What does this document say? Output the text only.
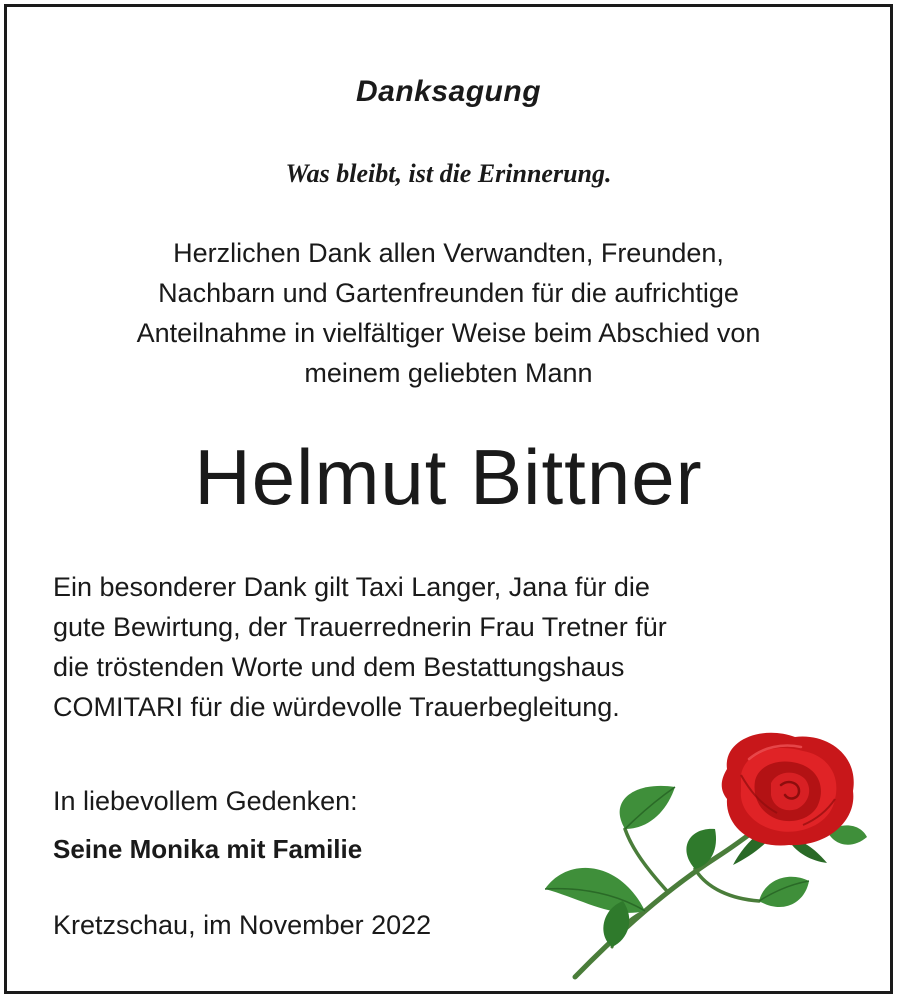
Danksagung
Was bleibt, ist die Erinnerung.
Herzlichen Dank allen Verwandten, Freunden,
Nachbarn und Gartenfreunden für die aufrichtige
Anteilnahme in vielfältiger Weise beim Abschied von
meinem geliebten Mann
Helmut Bittner
Ein besonderer Dank gilt Taxi Langer, Jana für die
gute Bewirtung, der Trauerrednerin Frau Tretner für
die tröstenden Worte und dem Bestattungshaus
COMITARI für die würdevolle Trauerbegleitung.
In liebevollem Gedenken:
Seine Monika mit Familie
Kretzschau, im November 2022
